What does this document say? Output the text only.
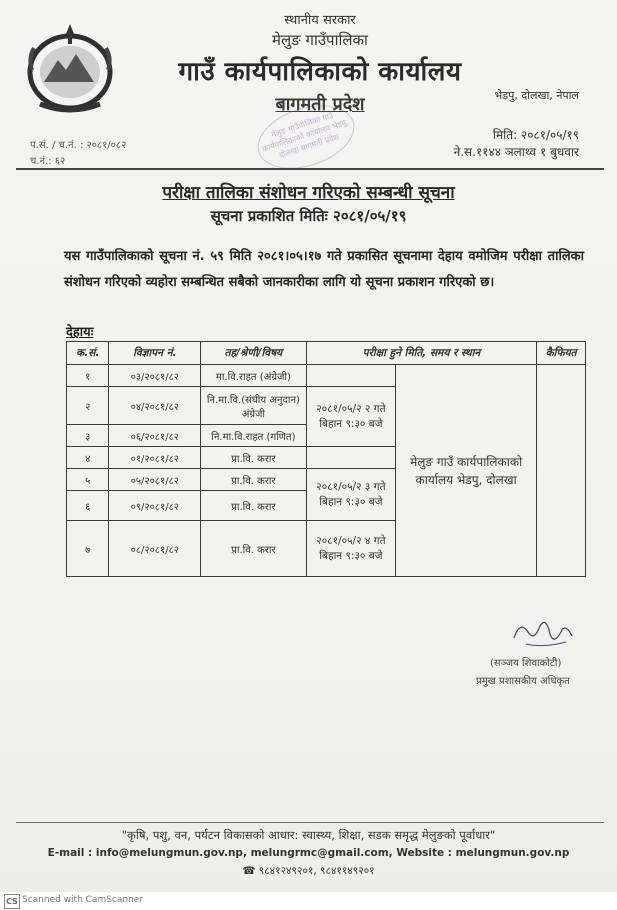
स्थानीय सरकार
मेलुङ गाउँपालिका
गाउँ कार्यपालिकाको कार्यालय
बागमती प्रदेश
मेलुङ गाउँपालिका गाउँ कार्यपालिकाको कार्यालय भेडपु, दोलखा बागमती प्रदेश
भेडपु, दोलखा, नेपाल
मिति: २०८१/०५/१९
ने.स.११४४ ञलाथ्व १ बुधवार
प.सं. / च.नं. : २०८१/०८२
च.नं.: ६२
परीक्षा तालिका संशोधन गरिएको सम्बन्धी सूचना
सूचना प्रकाशित मितिः २०८१/०५/१९
यस गाउँपालिकाको सूचना नं. ५९ मिति २०८१।०५।१७ गते प्रकासित सूचनामा देहाय वमोजिम परीक्षा तालिका संशोधन गरिएको व्यहोरा सम्बन्धित सबैको जानकारीका लागि यो सूचना प्रकाशन गरिएको छ।
देहायः
क.सं.	विज्ञापन नं.	तह/श्रेणी/विषय	परीक्षा हुने मिति, समय र स्थान		कैफियत
१	०३/२०८१/८२	मा.वि.राहत (अंग्रेजी)		मेलुङ गाउँ कार्यपालिकाको कार्यालय भेडपु, दोलखा	
२	०४/२०८१/८२	नि.मा.वि.(संघीय अनुदान) अंग्रेजी	२०८१/०५/२ २ गते बिहान ९:३० बजे		
३	०६/२०८१/८२	नि.मा.वि.राहत (गणित)			
४	०१/२०८१/८२	प्रा.वि. करार			
५	०५/२०८१/८२	प्रा.वि. करार	२०८१/०५/२ ३ गते बिहान ९:३० बजे		
६	०९/२०८१/८२	प्रा.वि. करार			
७	०८/२०८१/८२	प्रा.वि. करार	२०८१/०५/२ ४ गते बिहान ९:३० बजे		
(सञ्जय शिवाकोटी)
प्रमुख प्रशासकीय अधिकृत
"कृषि, पशु, वन, पर्यटन विकासको आधार: स्वास्थ्य, शिक्षा, सडक समृद्ध मेलुङको पूर्वाधार"
E-mail : info@melungmun.gov.np, melungrmc@gmail.com, Website : melungmun.gov.np
☎ ९८४१२४९२०१, ९८४११४९२०१
CS Scanned with CamScanner
